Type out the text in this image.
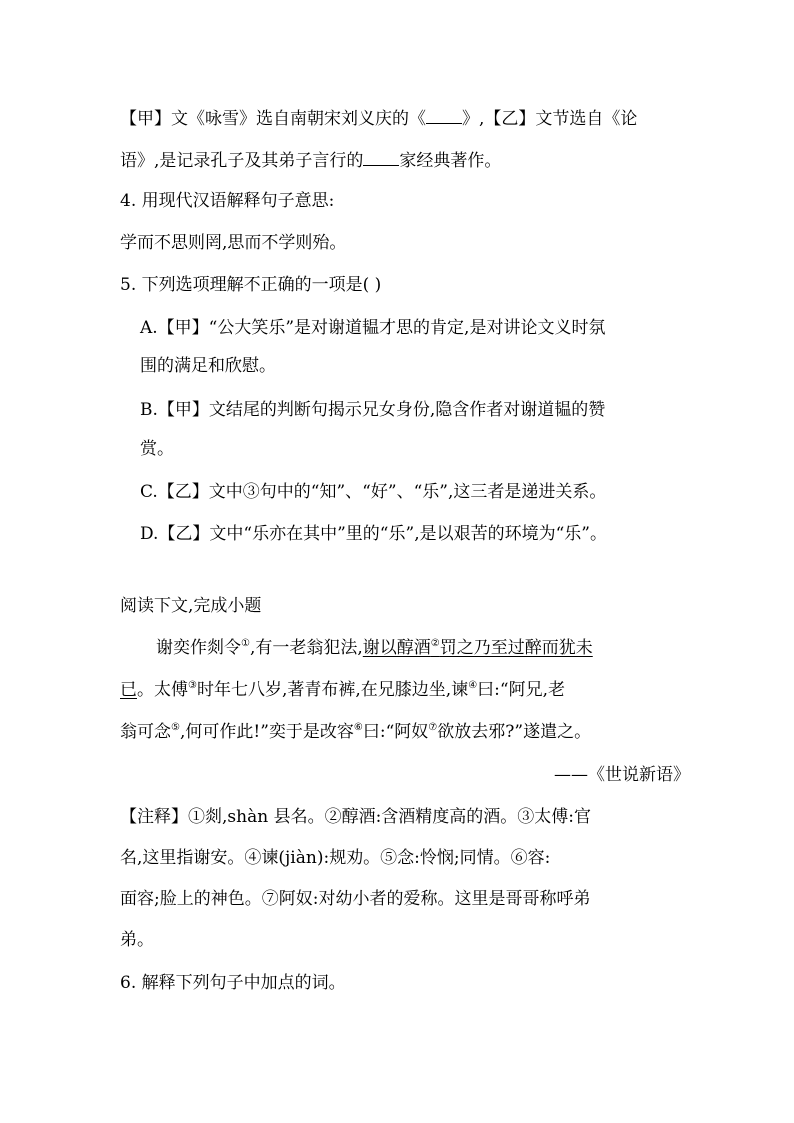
【甲】文《咏雪》选自南朝宋刘义庆的《 》,【乙】文节选自《论
语》,是记录孔子及其弟子言行的 家经典著作。
4. 用现代汉语解释句子意思:
学而不思则罔,思而不学则殆。
5. 下列选项理解不正确的一项是( )
A.【甲】“公大笑乐”是对谢道韫才思的肯定,是对讲论文义时氛
围的满足和欣慰。
B.【甲】文结尾的判断句揭示兄女身份,隐含作者对谢道韫的赞
赏。
C.【乙】文中③句中的“知”、“好”、“乐”,这三者是递进关系。
D.【乙】文中“乐亦在其中”里的“乐”,是以艰苦的环境为“乐”。
阅读下文,完成小题
谢奕作剡令①,有一老翁犯法,谢以醇酒②罚之乃至过醉而犹未
已。太傅③时年七八岁,著青布裤,在兄膝边坐,谏④曰:“阿兄,老
翁可念⑤,何可作此!”奕于是改容⑥曰:“阿奴⑦欲放去邪?”遂遣之。
——《世说新语》
【注释】①剡,shàn 县名。②醇酒:含酒精度高的酒。③太傅:官
名,这里指谢安。④谏(jiàn):规劝。⑤念:怜悯;同情。⑥容:
面容;脸上的神色。⑦阿奴:对幼小者的爱称。这里是哥哥称呼弟
弟。
6. 解释下列句子中加点的词。
